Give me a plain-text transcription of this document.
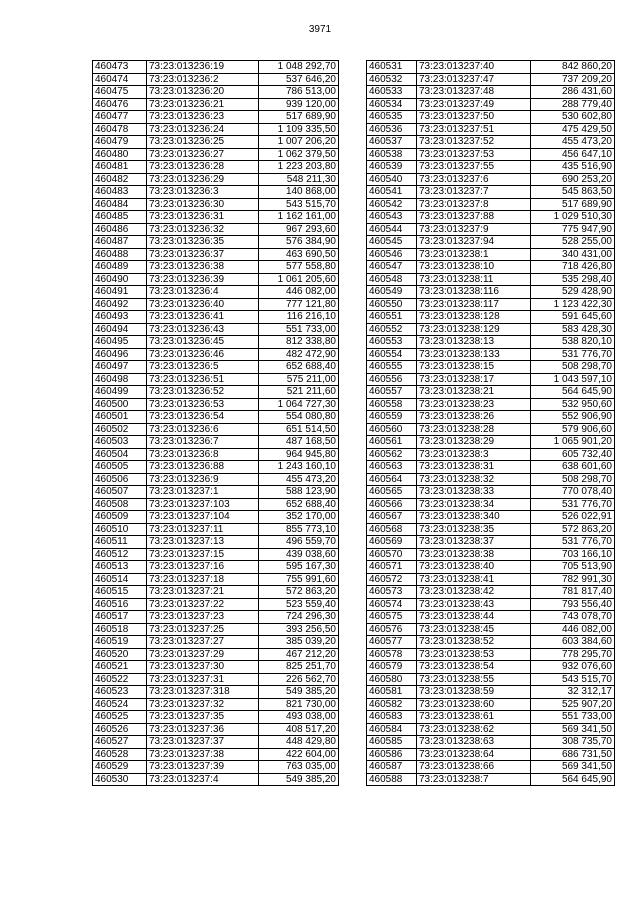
3971
460473	73:23:013236:19	1 048 292,70
460474	73:23:013236:2	537 646,20
460475	73:23:013236:20	786 513,00
460476	73:23:013236:21	939 120,00
460477	73:23:013236:23	517 689,90
460478	73:23:013236:24	1 109 335,50
460479	73:23:013236:25	1 007 206,20
460480	73:23:013236:27	1 062 379,50
460481	73:23:013236:28	1 223 203,80
460482	73:23:013236:29	548 211,30
460483	73:23:013236:3	140 868,00
460484	73:23:013236:30	543 515,70
460485	73:23:013236:31	1 162 161,00
460486	73:23:013236:32	967 293,60
460487	73:23:013236:35	576 384,90
460488	73:23:013236:37	463 690,50
460489	73:23:013236:38	577 558,80
460490	73:23:013236:39	1 061 205,60
460491	73:23:013236:4	446 082,00
460492	73:23:013236:40	777 121,80
460493	73:23:013236:41	116 216,10
460494	73:23:013236:43	551 733,00
460495	73:23:013236:45	812 338,80
460496	73:23:013236:46	482 472,90
460497	73:23:013236:5	652 688,40
460498	73:23:013236:51	575 211,00
460499	73:23:013236:52	521 211,60
460500	73:23:013236:53	1 064 727,30
460501	73:23:013236:54	554 080,80
460502	73:23:013236:6	651 514,50
460503	73:23:013236:7	487 168,50
460504	73:23:013236:8	964 945,80
460505	73:23:013236:88	1 243 160,10
460506	73:23:013236:9	455 473,20
460507	73:23:013237:1	588 123,90
460508	73:23:013237:103	652 688,40
460509	73:23:013237:104	352 170,00
460510	73:23:013237:11	855 773,10
460511	73:23:013237:13	496 559,70
460512	73:23:013237:15	439 038,60
460513	73:23:013237:16	595 167,30
460514	73:23:013237:18	755 991,60
460515	73:23:013237:21	572 863,20
460516	73:23:013237:22	523 559,40
460517	73:23:013237:23	724 296,30
460518	73:23:013237:25	393 256,50
460519	73:23:013237:27	385 039,20
460520	73:23:013237:29	467 212,20
460521	73:23:013237:30	825 251,70
460522	73:23:013237:31	226 562,70
460523	73:23:013237:318	549 385,20
460524	73:23:013237:32	821 730,00
460525	73:23:013237:35	493 038,00
460526	73:23:013237:36	408 517,20
460527	73:23:013237:37	448 429,80
460528	73:23:013237:38	422 604,00
460529	73:23:013237:39	763 035,00
460530	73:23:013237:4	549 385,20
460531	73:23:013237:40	842 860,20
460532	73:23:013237:47	737 209,20
460533	73:23:013237:48	286 431,60
460534	73:23:013237:49	288 779,40
460535	73:23:013237:50	530 602,80
460536	73:23:013237:51	475 429,50
460537	73:23:013237:52	455 473,20
460538	73:23:013237:53	456 647,10
460539	73:23:013237:55	435 516,90
460540	73:23:013237:6	690 253,20
460541	73:23:013237:7	545 863,50
460542	73:23:013237:8	517 689,90
460543	73:23:013237:88	1 029 510,30
460544	73:23:013237:9	775 947,90
460545	73:23:013237:94	528 255,00
460546	73:23:013238:1	340 431,00
460547	73:23:013238:10	718 426,80
460548	73:23:013238:11	535 298,40
460549	73:23:013238:116	529 428,90
460550	73:23:013238:117	1 123 422,30
460551	73:23:013238:128	591 645,60
460552	73:23:013238:129	583 428,30
460553	73:23:013238:13	538 820,10
460554	73:23:013238:133	531 776,70
460555	73:23:013238:15	508 298,70
460556	73:23:013238:17	1 043 597,10
460557	73:23:013238:21	564 645,90
460558	73:23:013238:23	532 950,60
460559	73:23:013238:26	552 906,90
460560	73:23:013238:28	579 906,60
460561	73:23:013238:29	1 065 901,20
460562	73:23:013238:3	605 732,40
460563	73:23:013238:31	638 601,60
460564	73:23:013238:32	508 298,70
460565	73:23:013238:33	770 078,40
460566	73:23:013238:34	531 776,70
460567	73:23:013238:340	526 022,91
460568	73:23:013238:35	572 863,20
460569	73:23:013238:37	531 776,70
460570	73:23:013238:38	703 166,10
460571	73:23:013238:40	705 513,90
460572	73:23:013238:41	782 991,30
460573	73:23:013238:42	781 817,40
460574	73:23:013238:43	793 556,40
460575	73:23:013238:44	743 078,70
460576	73:23:013238:45	446 082,00
460577	73:23:013238:52	603 384,60
460578	73:23:013238:53	778 295,70
460579	73:23:013238:54	932 076,60
460580	73:23:013238:55	543 515,70
460581	73:23:013238:59	32 312,17
460582	73:23:013238:60	525 907,20
460583	73:23:013238:61	551 733,00
460584	73:23:013238:62	569 341,50
460585	73:23:013238:63	308 735,70
460586	73:23:013238:64	686 731,50
460587	73:23:013238:66	569 341,50
460588	73:23:013238:7	564 645,90
